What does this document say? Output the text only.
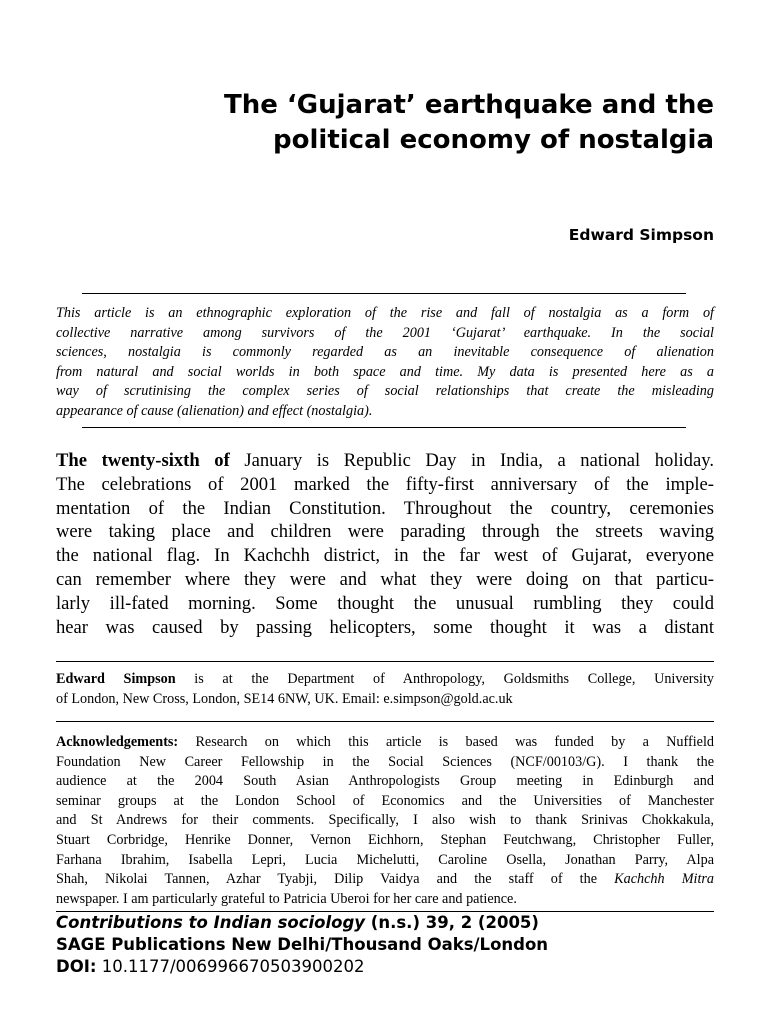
The ‘Gujarat’ earthquake and the
political economy of nostalgia
Edward Simpson
This article is an ethnographic exploration of the rise and fall of nostalgia as a form of
collective narrative among survivors of the 2001 ‘Gujarat’ earthquake. In the social
sciences, nostalgia is commonly regarded as an inevitable consequence of alienation
from natural and social worlds in both space and time. My data is presented here as a
way of scrutinising the complex series of social relationships that create the misleading
appearance of cause (alienation) and effect (nostalgia).
The twenty-sixth of January is Republic Day in India, a national holiday.
The celebrations of 2001 marked the fifty-first anniversary of the imple-
mentation of the Indian Constitution. Throughout the country, ceremonies
were taking place and children were parading through the streets waving
the national flag. In Kachchh district, in the far west of Gujarat, everyone
can remember where they were and what they were doing on that particu-
larly ill-fated morning. Some thought the unusual rumbling they could
hear was caused by passing helicopters, some thought it was a distant
Edward Simpson is at the Department of Anthropology, Goldsmiths College, University
of London, New Cross, London, SE14 6NW, UK. Email: e.simpson@gold.ac.uk
Acknowledgements: Research on which this article is based was funded by a Nuffield
Foundation New Career Fellowship in the Social Sciences (NCF/00103/G). I thank the
audience at the 2004 South Asian Anthropologists Group meeting in Edinburgh and
seminar groups at the London School of Economics and the Universities of Manchester
and St Andrews for their comments. Specifically, I also wish to thank Srinivas Chokkakula,
Stuart Corbridge, Henrike Donner, Vernon Eichhorn, Stephan Feutchwang, Christopher Fuller,
Farhana Ibrahim, Isabella Lepri, Lucia Michelutti, Caroline Osella, Jonathan Parry, Alpa
Shah, Nikolai Tannen, Azhar Tyabji, Dilip Vaidya and the staff of the Kachchh Mitra
newspaper. I am particularly grateful to Patricia Uberoi for her care and patience.
Contributions to Indian sociology (n.s.) 39, 2 (2005)
SAGE Publications New Delhi/Thousand Oaks/London
DOI: 10.1177/006996670503900202
